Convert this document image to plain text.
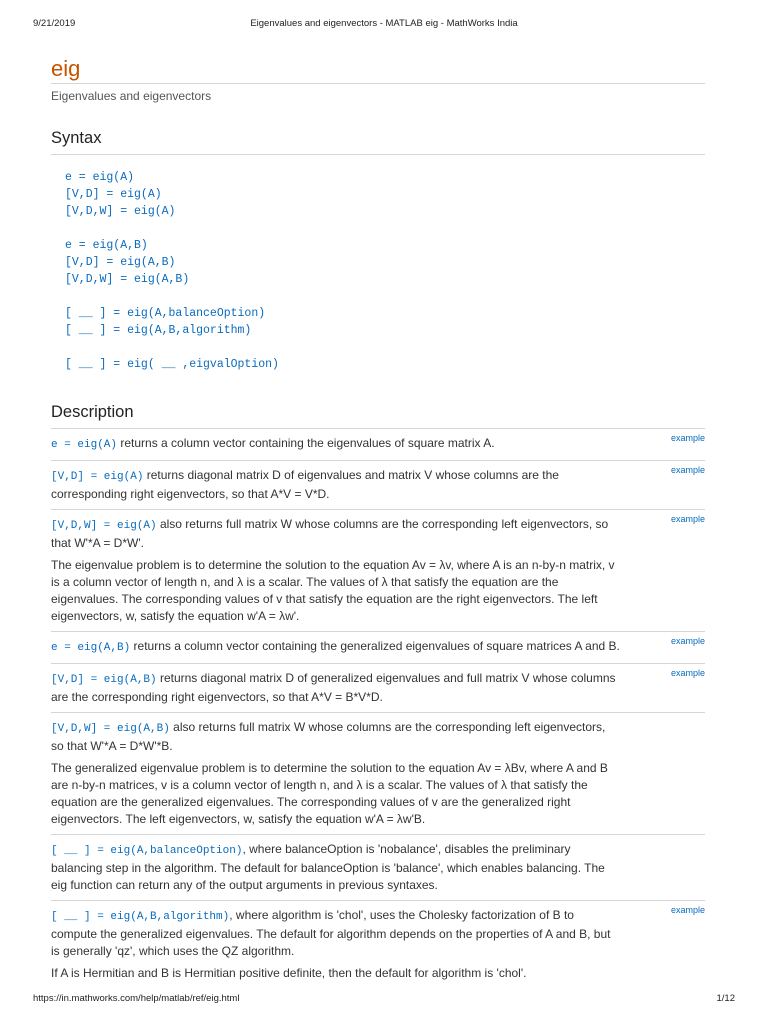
9/21/2019	Eigenvalues and eigenvectors - MATLAB eig - MathWorks India
eig

Eigenvalues and eigenvectors

Syntax
e = eig(A)
[V,D] = eig(A)
[V,D,W] = eig(A)
e = eig(A,B)
[V,D] = eig(A,B)
[V,D,W] = eig(A,B)
[ __ ] = eig(A,balanceOption)
[ __ ] = eig(A,B,algorithm)
[ __ ] = eig( __ ,eigvalOption)
Description
example

e = eig(A) returns a column vector containing the eigenvalues of square matrix A.

example

[V,D] = eig(A) returns diagonal matrix D of eigenvalues and matrix V whose columns are the corresponding right eigenvectors, so that A*V = V*D.

example

[V,D,W] = eig(A) also returns full matrix W whose columns are the corresponding left eigenvectors, so that W'*A = D*W'.

The eigenvalue problem is to determine the solution to the equation Av = λv, where A is an n-by-n matrix, v is a column vector of length n, and λ is a scalar. The values of λ that satisfy the equation are the eigenvalues. The corresponding values of v that satisfy the equation are the right eigenvectors. The left eigenvectors, w, satisfy the equation w'A = λw'.

example

e = eig(A,B) returns a column vector containing the generalized eigenvalues of square matrices A and B.

example

[V,D] = eig(A,B) returns diagonal matrix D of generalized eigenvalues and full matrix V whose columns are the corresponding right eigenvectors, so that A*V = B*V*D.

[V,D,W] = eig(A,B) also returns full matrix W whose columns are the corresponding left eigenvectors, so that W'*A = D*W'*B.

The generalized eigenvalue problem is to determine the solution to the equation Av = λBv, where A and B are n-by-n matrices, v is a column vector of length n, and λ is a scalar. The values of λ that satisfy the equation are the generalized eigenvalues. The corresponding values of v are the generalized right eigenvectors. The left eigenvectors, w, satisfy the equation w'A = λw'B.

[ __ ] = eig(A,balanceOption), where balanceOption is 'nobalance', disables the preliminary balancing step in the algorithm. The default for balanceOption is 'balance', which enables balancing. The eig function can return any of the output arguments in previous syntaxes.

example

[ __ ] = eig(A,B,algorithm), where algorithm is 'chol', uses the Cholesky factorization of B to compute the generalized eigenvalues. The default for algorithm depends on the properties of A and B, but is generally 'qz', which uses the QZ algorithm.

If A is Hermitian and B is Hermitian positive definite, then the default for algorithm is 'chol'.

https://in.mathworks.com/help/matlab/ref/eig.html	1/12
